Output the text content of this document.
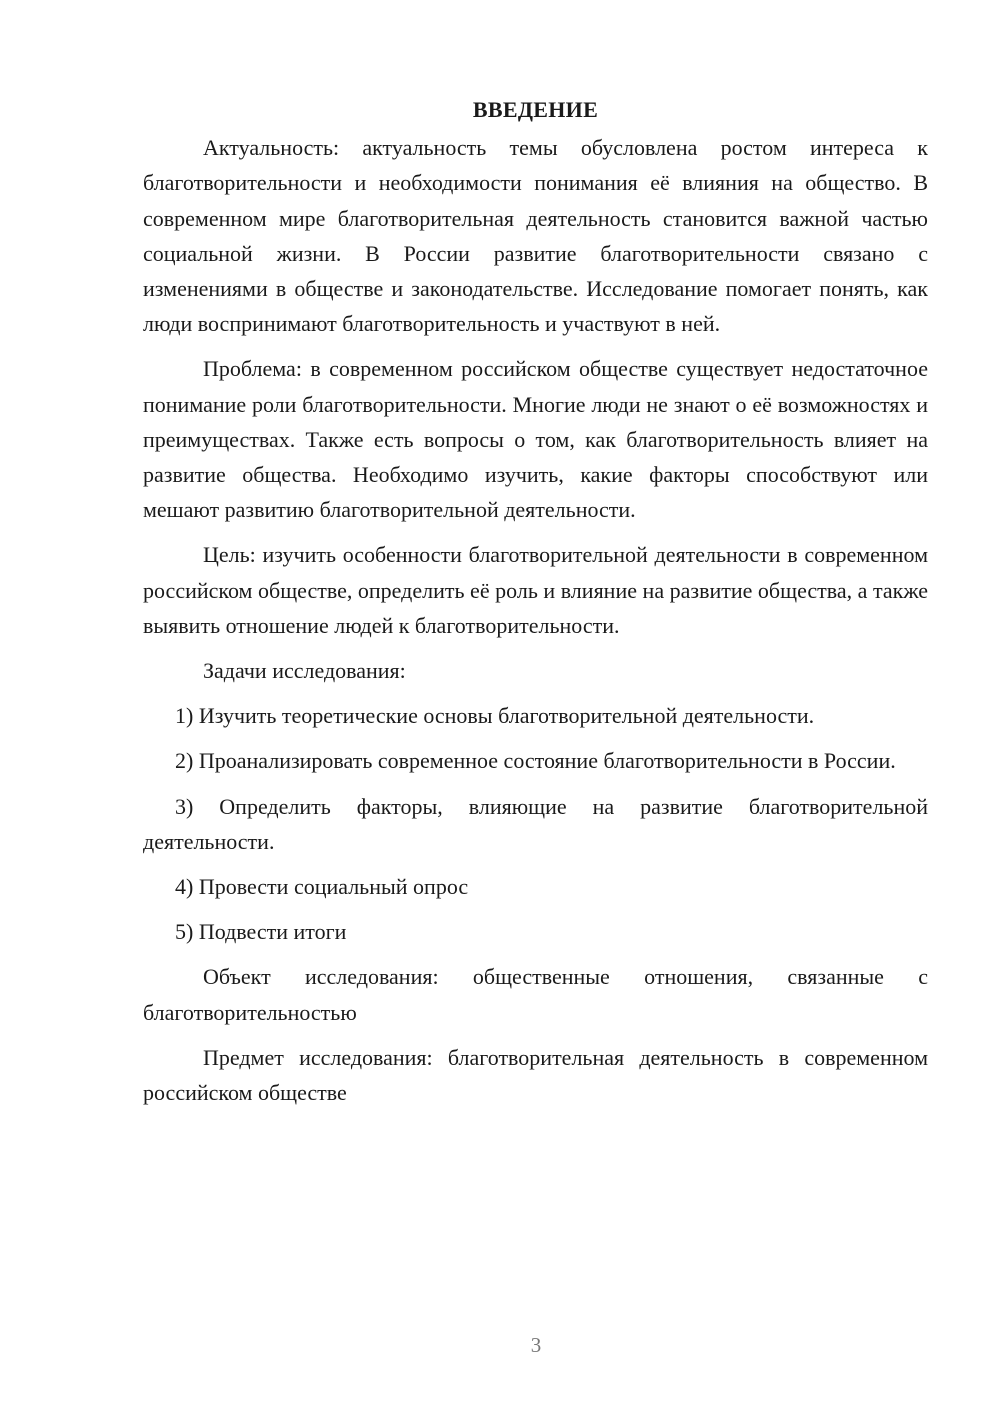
ВВЕДЕНИЕ

Актуальность: актуальность темы обусловлена ростом интереса к благотворительности и необходимости понимания её влияния на общество. В современном мире благотворительная деятельность становится важной частью социальной жизни. В России развитие благотворительности связано с изменениями в обществе и законодательстве. Исследование помогает понять, как люди воспринимают благотворительность и участвуют в ней.

Проблема: в современном российском обществе существует недостаточное понимание роли благотворительности. Многие люди не знают о её возможностях и преимуществах. Также есть вопросы о том, как благотворительность влияет на развитие общества. Необходимо изучить, какие факторы способствуют или мешают развитию благотворительной деятельности.

Цель: изучить особенности благотворительной деятельности в современном российском обществе, определить её роль и влияние на развитие общества, а также выявить отношение людей к благотворительности.

Задачи исследования:

1) Изучить теоретические основы благотворительной деятельности.

2) Проанализировать современное состояние благотворительности в России.

3) Определить факторы, влияющие на развитие благотворительной деятельности.

4) Провести социальный опрос

5) Подвести итоги

Объект исследования: общественные отношения, связанные с благотворительностью

Предмет исследования: благотворительная деятельность в современном российском обществе

3
